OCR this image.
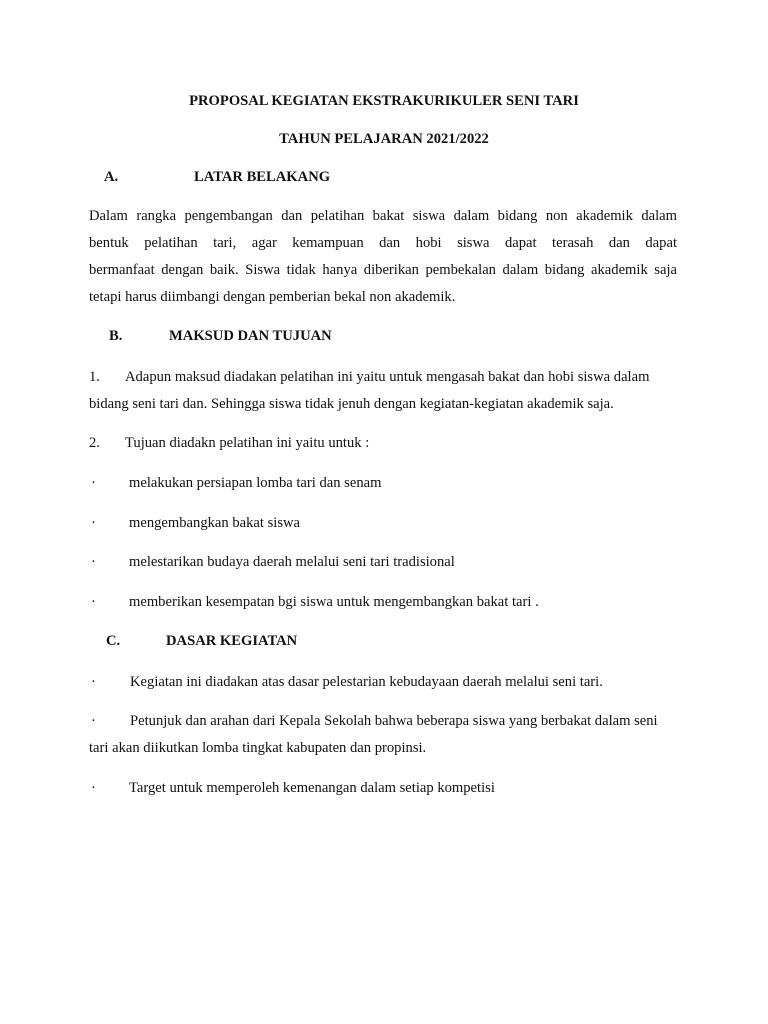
PROPOSAL KEGIATAN EKSTRAKURIKULER SENI TARI
TAHUN PELAJARAN 2021/2022
A.	LATAR BELAKANG
Dalam rangka pengembangan dan pelatihan bakat siswa dalam bidang non akademik dalam
bentuk pelatihan tari, agar kemampuan dan hobi siswa dapat terasah dan dapat
bermanfaat dengan baik. Siswa tidak hanya diberikan pembekalan dalam bidang akademik saja
tetapi harus diimbangi dengan pemberian bekal non akademik.
B.	MAKSUD DAN TUJUAN
1. Adapun maksud diadakan pelatihan ini yaitu untuk mengasah bakat dan hobi siswa dalam
bidang seni tari dan. Sehingga siswa tidak jenuh dengan kegiatan-kegiatan akademik saja.
2. Tujuan diadakn pelatihan ini yaitu untuk :
· melakukan persiapan lomba tari dan senam
· mengembangkan bakat siswa
· melestarikan budaya daerah melalui seni tari tradisional
· memberikan kesempatan bgi siswa untuk mengembangkan bakat tari .
C.	DASAR KEGIATAN
· Kegiatan ini diadakan atas dasar pelestarian kebudayaan daerah melalui seni tari.
· Petunjuk dan arahan dari Kepala Sekolah bahwa beberapa siswa yang berbakat dalam seni
tari akan diikutkan lomba tingkat kabupaten dan propinsi.
· Target untuk memperoleh kemenangan dalam setiap kompetisi
